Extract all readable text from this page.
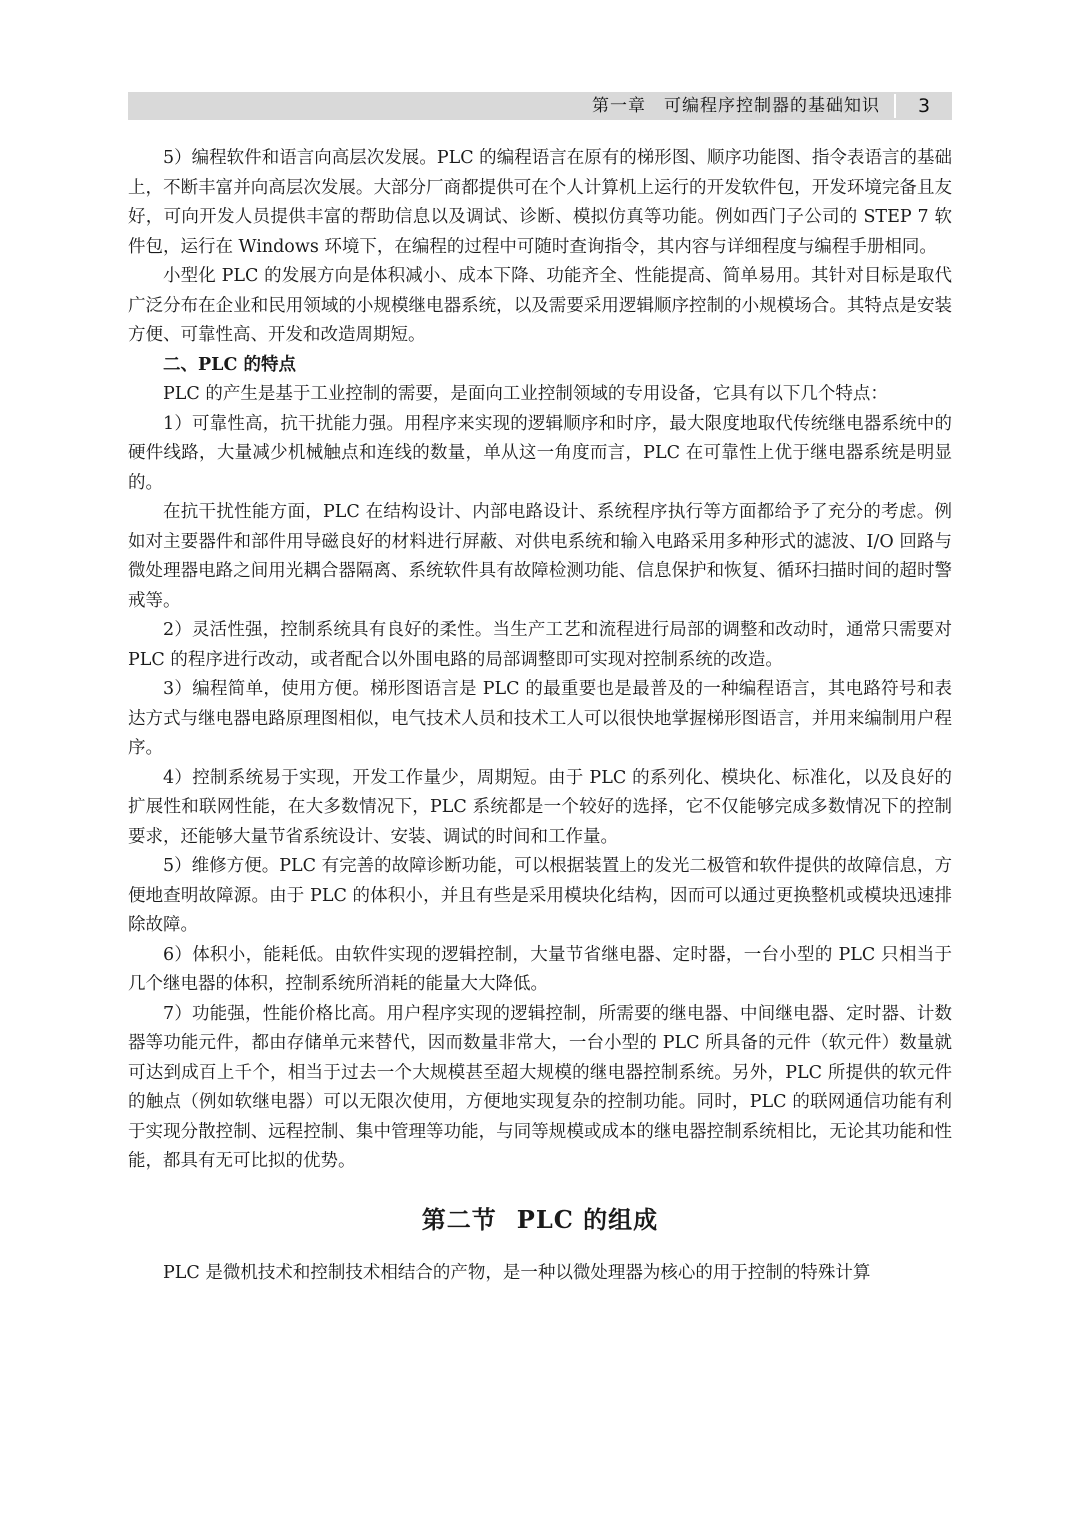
第一章　可编程序控制器的基础知识	3

5）编程软件和语言向高层次发展。PLC 的编程语言在原有的梯形图、顺序功能图、指令表语言的基础上，不断丰富并向高层次发展。大部分厂商都提供可在个人计算机上运行的开发软件包，开发环境完备且友好，可向开发人员提供丰富的帮助信息以及调试、诊断、模拟仿真等功能。例如西门子公司的 STEP 7 软件包，运行在 Windows 环境下，在编程的过程中可随时查询指令，其内容与详细程度与编程手册相同。

小型化 PLC 的发展方向是体积减小、成本下降、功能齐全、性能提高、简单易用。其针对目标是取代广泛分布在企业和民用领域的小规模继电器系统，以及需要采用逻辑顺序控制的小规模场合。其特点是安装方便、可靠性高、开发和改造周期短。

二、PLC 的特点

PLC 的产生是基于工业控制的需要，是面向工业控制领域的专用设备，它具有以下几个特点：

1）可靠性高，抗干扰能力强。用程序来实现的逻辑顺序和时序，最大限度地取代传统继电器系统中的硬件线路，大量减少机械触点和连线的数量，单从这一角度而言，PLC 在可靠性上优于继电器系统是明显的。

在抗干扰性能方面，PLC 在结构设计、内部电路设计、系统程序执行等方面都给予了充分的考虑。例如对主要器件和部件用导磁良好的材料进行屏蔽、对供电系统和输入电路采用多种形式的滤波、I/O 回路与微处理器电路之间用光耦合器隔离、系统软件具有故障检测功能、信息保护和恢复、循环扫描时间的超时警戒等。

2）灵活性强，控制系统具有良好的柔性。当生产工艺和流程进行局部的调整和改动时，通常只需要对 PLC 的程序进行改动，或者配合以外围电路的局部调整即可实现对控制系统的改造。

3）编程简单，使用方便。梯形图语言是 PLC 的最重要也是最普及的一种编程语言，其电路符号和表达方式与继电器电路原理图相似，电气技术人员和技术工人可以很快地掌握梯形图语言，并用来编制用户程序。

4）控制系统易于实现，开发工作量少，周期短。由于 PLC 的系列化、模块化、标准化，以及良好的扩展性和联网性能，在大多数情况下，PLC 系统都是一个较好的选择，它不仅能够完成多数情况下的控制要求，还能够大量节省系统设计、安装、调试的时间和工作量。

5）维修方便。PLC 有完善的故障诊断功能，可以根据装置上的发光二极管和软件提供的故障信息，方便地查明故障源。由于 PLC 的体积小，并且有些是采用模块化结构，因而可以通过更换整机或模块迅速排除故障。

6）体积小，能耗低。由软件实现的逻辑控制，大量节省继电器、定时器，一台小型的 PLC 只相当于几个继电器的体积，控制系统所消耗的能量大大降低。

7）功能强，性能价格比高。用户程序实现的逻辑控制，所需要的继电器、中间继电器、定时器、计数器等功能元件，都由存储单元来替代，因而数量非常大，一台小型的 PLC 所具备的元件（软元件）数量就可达到成百上千个，相当于过去一个大规模甚至超大规模的继电器控制系统。另外，PLC 所提供的软元件的触点（例如软继电器）可以无限次使用，方便地实现复杂的控制功能。同时，PLC 的联网通信功能有利于实现分散控制、远程控制、集中管理等功能，与同等规模或成本的继电器控制系统相比，无论其功能和性能，都具有无可比拟的优势。

第二节 PLC 的组成

PLC 是微机技术和控制技术相结合的产物，是一种以微处理器为核心的用于控制的特殊计算
